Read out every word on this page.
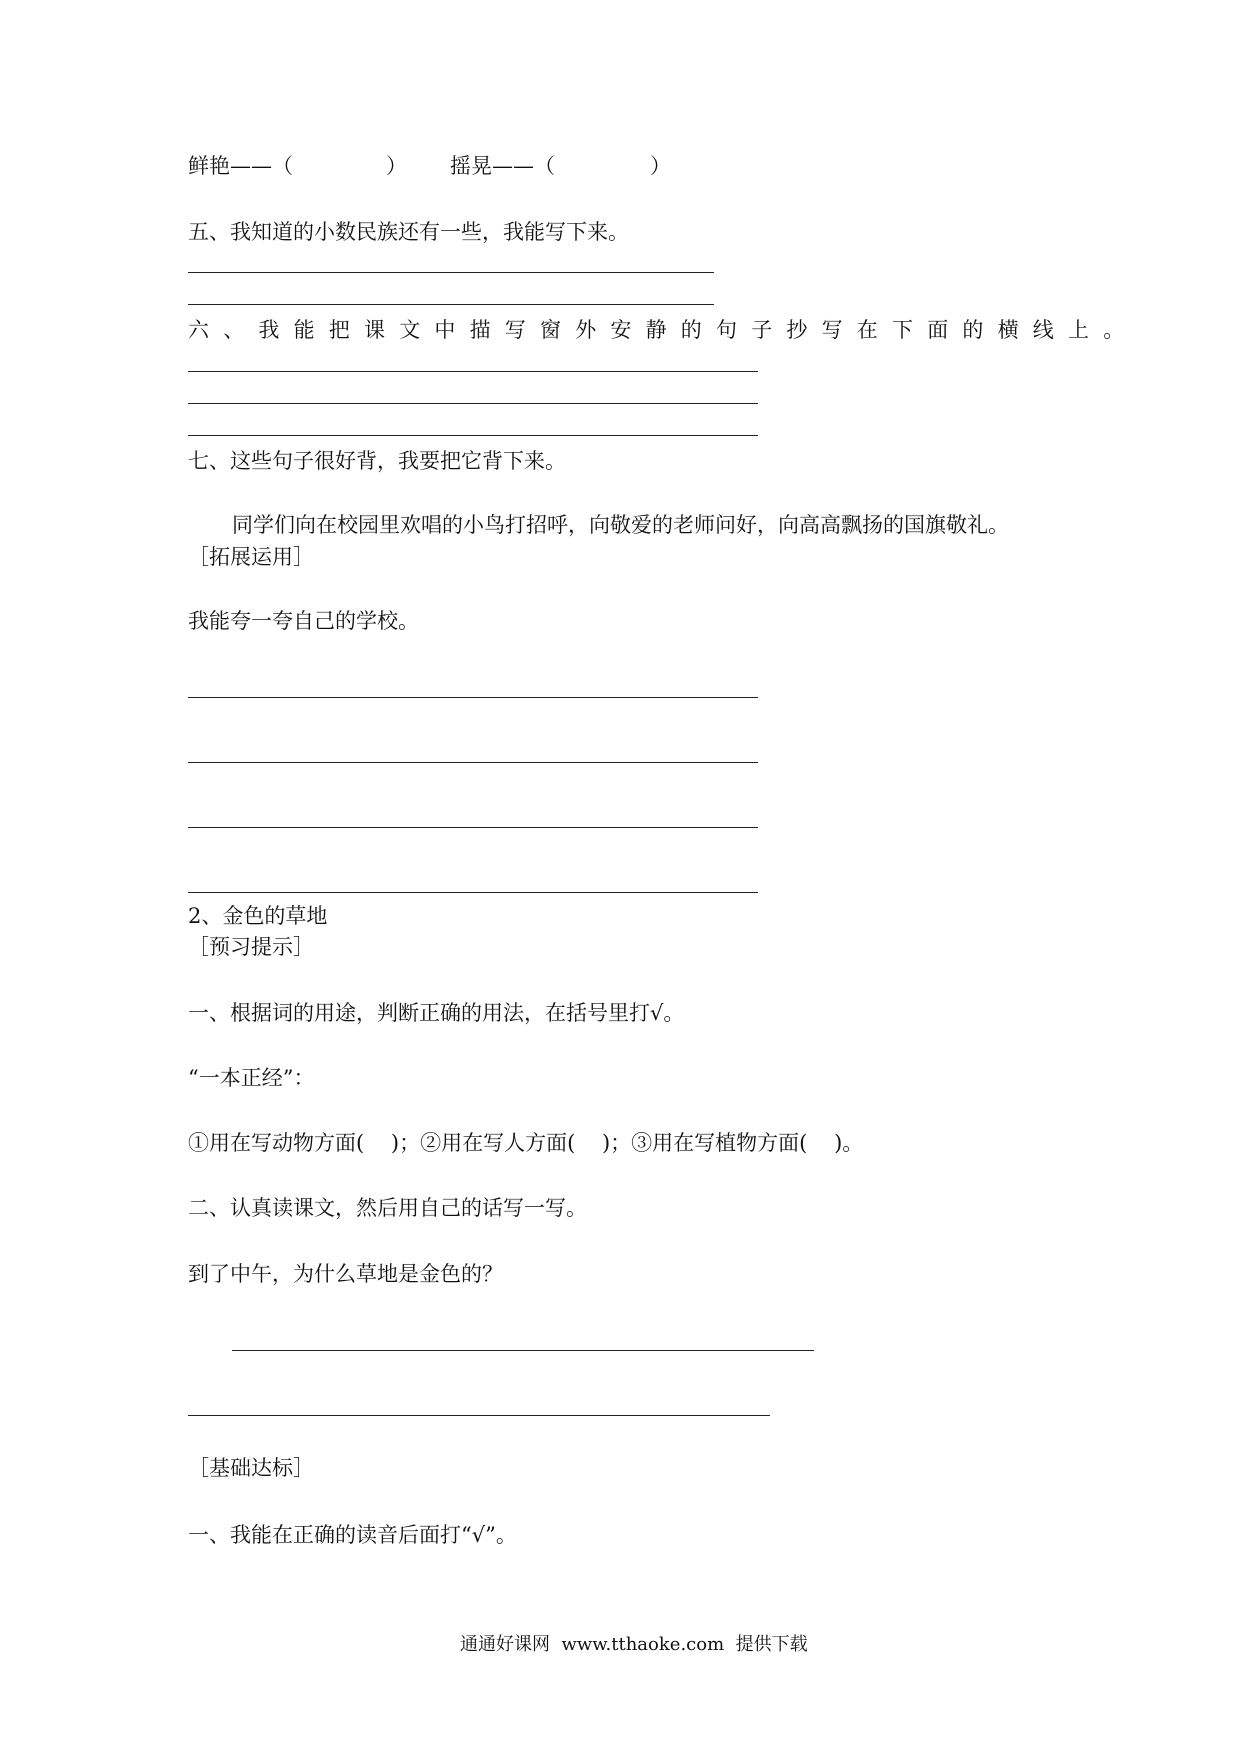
鲜艳——（	） 摇晃——（	）
五、我知道的小数民族还有一些，我能写下来。
六、我能把课文中描写窗外安静的句子抄写在下面的横线上。
七、这些句子很好背，我要把它背下来。
同学们向在校园里欢唱的小鸟打招呼，向敬爱的老师问好，向高高飘扬的国旗敬礼。
［拓展运用］
我能夸一夸自己的学校。
2、金色的草地
［预习提示］
一、根据词的用途，判断正确的用法，在括号里打√。
“一本正经”：
①用在写动物方面(    )；②用在写人方面(    )；③用在写植物方面(    )。
二、认真读课文，然后用自己的话写一写。
到了中午，为什么草地是金色的？
［基础达标］
一、我能在正确的读音后面打“√”。
通通好课网  www.tthaoke.com  提供下载
